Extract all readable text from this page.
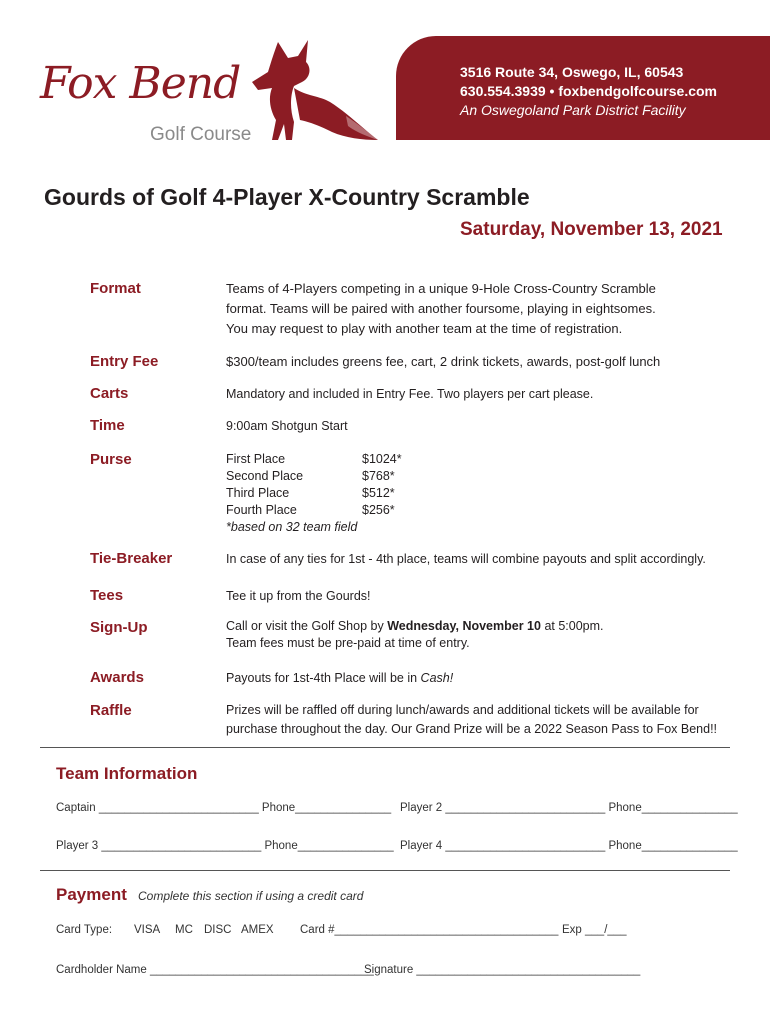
3516 Route 34, Oswego, IL, 60543
630.554.3939 • foxbendgolfcourse.com
An Oswegoland Park District Facility
Fox Bend
Golf Course
Gourds of Golf 4-Player X-Country Scramble
Saturday, November 13, 2021
Format	Teams of 4-Players competing in a unique 9-Hole Cross-Country Scramble
format. Teams will be paired with another foursome, playing in eightsomes.
You may request to play with another team at the time of registration.
Entry Fee	$300/team includes greens fee, cart, 2 drink tickets, awards, post-golf lunch
Carts	Mandatory and included in Entry Fee. Two players per cart please.
Time	9:00am Shotgun Start
Purse	First Place	$1024*
Second Place	$768*
Third Place	$512*
Fourth Place	$256*
*based on 32 team field	
Tie-Breaker	In case of any ties for 1st - 4th place, teams will combine payouts and split accordingly.
Tees	Tee it up from the Gourds!
Sign-Up	Call or visit the Golf Shop by Wednesday, November 10 at 5:00pm.
Team fees must be pre-paid at time of entry.
Awards	Payouts for 1st-4th Place will be in Cash!
Raffle	Prizes will be raffled off during lunch/awards and additional tickets will be available for
purchase throughout the day. Our Grand Prize will be a 2022 Season Pass to Fox Bend!!
Team Information
Captain _________________________ Phone_______________ Player 2 _________________________ Phone_______________
Player 3 _________________________ Phone_______________ Player 4 _________________________ Phone_______________
Payment Complete this section if using a credit card
Card Type: VISA MC DISC AMEX Card #___________________________________ Exp ___/___
Cardholder Name ___________________________________
Signature ___________________________________
